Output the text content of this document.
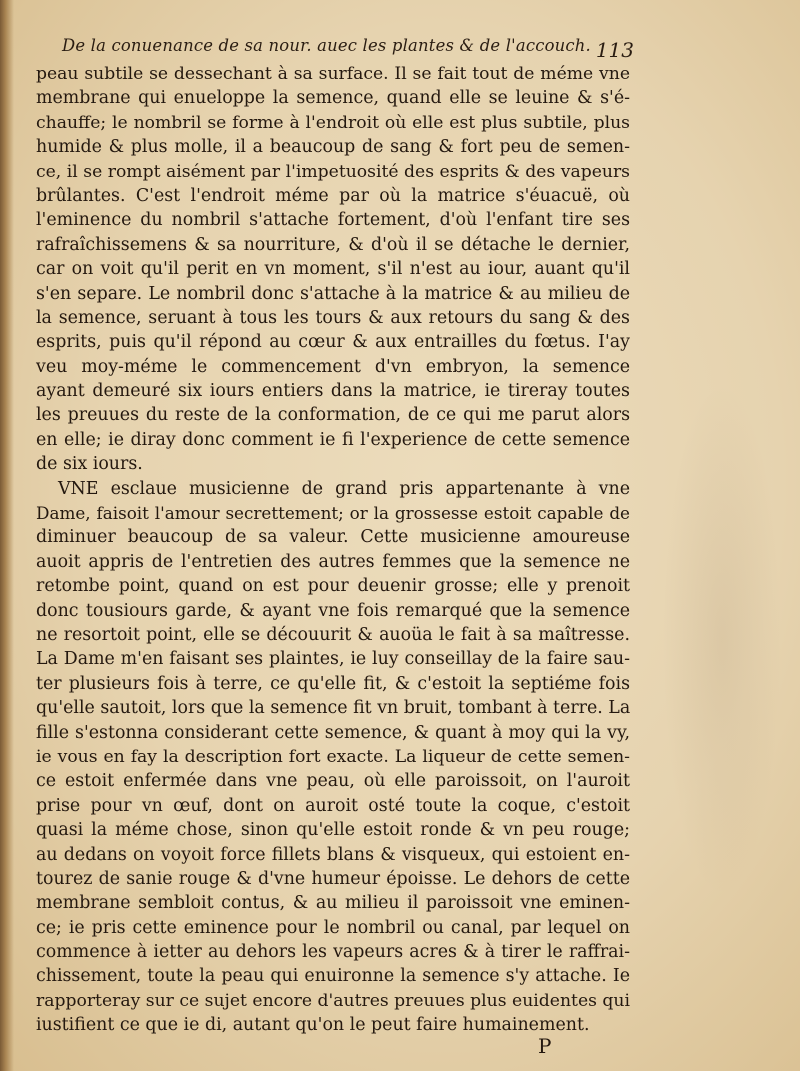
De la conuenance de sa nour. auec les plantes & de l'accouch. 113
peau subtile se dessechant à sa surface. Il se fait tout de méme vne
membrane qui enueloppe la semence, quand elle se leuine & s'é-
chauffe; le nombril se forme à l'endroit où elle est plus subtile, plus
humide & plus molle, il a beaucoup de sang & fort peu de semen-
ce, il se rompt aisément par l'impetuosité des esprits & des vapeurs
brûlantes. C'est l'endroit méme par où la matrice s'éuacuë, où
l'eminence du nombril s'attache fortement, d'où l'enfant tire ses
rafraîchissemens & sa nourriture, & d'où il se détache le dernier,
car on voit qu'il perit en vn moment, s'il n'est au iour, auant qu'il
s'en separe. Le nombril donc s'attache à la matrice & au milieu de
la semence, seruant à tous les tours & aux retours du sang & des
esprits, puis qu'il répond au cœur & aux entrailles du fœtus. I'ay
veu moy-méme le commencement d'vn embryon, la semence
ayant demeuré six iours entiers dans la matrice, ie tireray toutes
les preuues du reste de la conformation, de ce qui me parut alors
en elle; ie diray donc comment ie fi l'experience de cette semence
de six iours.
VNE esclaue musicienne de grand pris appartenante à vne
Dame, faisoit l'amour secrettement; or la grossesse estoit capable de
diminuer beaucoup de sa valeur. Cette musicienne amoureuse
auoit appris de l'entretien des autres femmes que la semence ne
retombe point, quand on est pour deuenir grosse; elle y prenoit
donc tousiours garde, & ayant vne fois remarqué que la semence
ne resortoit point, elle se découurit & auoüa le fait à sa maîtresse.
La Dame m'en faisant ses plaintes, ie luy conseillay de la faire sau-
ter plusieurs fois à terre, ce qu'elle fit, & c'estoit la septiéme fois
qu'elle sautoit, lors que la semence fit vn bruit, tombant à terre. La
fille s'estonna considerant cette semence, & quant à moy qui la vy,
ie vous en fay la description fort exacte. La liqueur de cette semen-
ce estoit enfermée dans vne peau, où elle paroissoit, on l'auroit
prise pour vn œuf, dont on auroit osté toute la coque, c'estoit
quasi la méme chose, sinon qu'elle estoit ronde & vn peu rouge;
au dedans on voyoit force fillets blans & visqueux, qui estoient en-
tourez de sanie rouge & d'vne humeur époisse. Le dehors de cette
membrane sembloit contus, & au milieu il paroissoit vne eminen-
ce; ie pris cette eminence pour le nombril ou canal, par lequel on
commence à ietter au dehors les vapeurs acres & à tirer le raffrai-
chissement, toute la peau qui enuironne la semence s'y attache. Ie
rapporteray sur ce sujet encore d'autres preuues plus euidentes qui
iustifient ce que ie di, autant qu'on le peut faire humainement.
P
